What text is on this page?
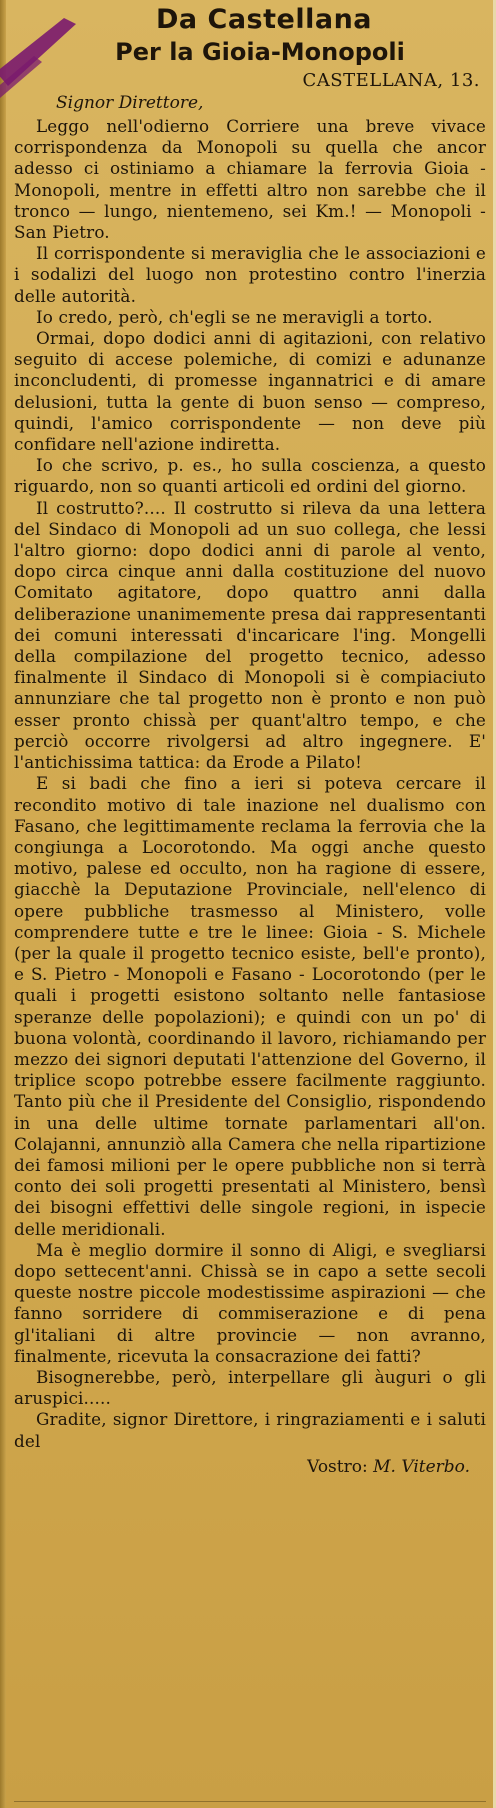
Da Castellana
Per la Gioia-Monopoli
CASTELLANA, 13.
Signor Direttore,

Leggo nell'odierno Corriere una breve vivace corrispondenza da Monopoli su quella che ancor adesso ci ostiniamo a chiamare la ferrovia Gioia - Monopoli, mentre in effetti altro non sarebbe che il tronco — lungo, nientemeno, sei Km.! — Monopoli - San Pietro.

Il corrispondente si meraviglia che le associazioni e i sodalizi del luogo non protestino contro l'inerzia delle autorità.

Io credo, però, ch'egli se ne meravigli a torto.

Ormai, dopo dodici anni di agitazioni, con relativo seguito di accese polemiche, di comizi e adunanze inconcludenti, di promesse ingannatrici e di amare delusioni, tutta la gente di buon senso — compreso, quindi, l'amico corrispondente — non deve più confidare nell'azione indiretta.

Io che scrivo, p. es., ho sulla coscienza, a questo riguardo, non so quanti articoli ed ordini del giorno.

Il costrutto?.... Il costrutto si rileva da una lettera del Sindaco di Monopoli ad un suo collega, che lessi l'altro giorno: dopo dodici anni di parole al vento, dopo circa cinque anni dalla costituzione del nuovo Comitato agitatore, dopo quattro anni dalla deliberazione unanimemente presa dai rappresentanti dei comuni interessati d'incaricare l'ing. Mongelli della compilazione del progetto tecnico, adesso finalmente il Sindaco di Monopoli si è compiaciuto annunziare che tal progetto non è pronto e non può esser pronto chissà per quant'altro tempo, e che perciò occorre rivolgersi ad altro ingegnere. E' l'antichissima tattica: da Erode a Pilato!

E si badi che fino a ieri si poteva cercare il recondito motivo di tale inazione nel dualismo con Fasano, che legittimamente reclama la ferrovia che la congiunga a Locorotondo. Ma oggi anche questo motivo, palese ed occulto, non ha ragione di essere, giacchè la Deputazione Provinciale, nell'elenco di opere pubbliche trasmesso al Ministero, volle comprendere tutte e tre le linee: Gioia - S. Michele (per la quale il progetto tecnico esiste, bell'e pronto), e S. Pietro - Monopoli e Fasano - Locorotondo (per le quali i progetti esistono soltanto nelle fantasiose speranze delle popolazioni); e quindi con un po' di buona volontà, coordinando il lavoro, richiamando per mezzo dei signori deputati l'attenzione del Governo, il triplice scopo potrebbe essere facilmente raggiunto. Tanto più che il Presidente del Consiglio, rispondendo in una delle ultime tornate parlamentari all'on. Colajanni, annunziò alla Camera che nella ripartizione dei famosi milioni per le opere pubbliche non si terrà conto dei soli progetti presentati al Ministero, bensì dei bisogni effettivi delle singole regioni, in ispecie delle meridionali.

Ma è meglio dormire il sonno di Aligi, e svegliarsi dopo settecent'anni. Chissà se in capo a sette secoli queste nostre piccole modestissime aspirazioni — che fanno sorridere di commiserazione e di pena gl'italiani di altre provincie — non avranno, finalmente, ricevuta la consacrazione dei fatti?

Bisognerebbe, però, interpellare gli àuguri o gli aruspici.....

Gradite, signor Direttore, i ringraziamenti e i saluti del

Vostro: M. Viterbo.
